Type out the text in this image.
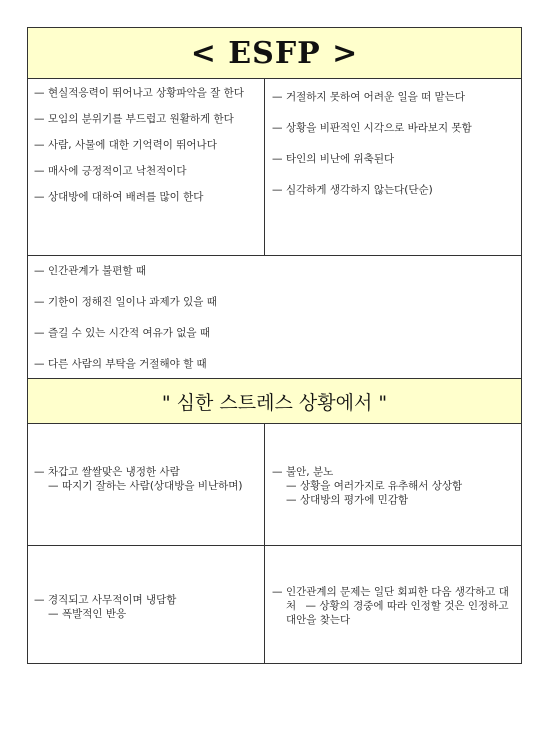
< ESFP >
— 현실적응력이 뛰어나고 상황파악을 잘 한다
— 모임의 분위기를 부드럽고 원활하게 한다
— 사람, 사물에 대한 기억력이 뛰어나다
— 매사에 긍정적이고 낙천적이다
— 상대방에 대하여 배려를 많이 한다
— 거절하지 못하여 어려운 일을 떠 맡는다
— 상황을 비판적인 시각으로 바라보지 못함
— 타인의 비난에 위축된다
— 심각하게 생각하지 않는다(단순)
— 인간관계가 불편할 때
— 기한이 정해진 일이나 과제가 있을 때
— 즐길 수 있는 시간적 여유가 없을 때
— 다른 사람의 부탁을 거절해야 할 때
" 심한 스트레스 상황에서 "
— 차갑고 쌀쌀맞은 냉정한 사람
— 따지기 잘하는 사람(상대방을 비난하며)
— 불안, 분노
— 상황을 여러가지로 유추해서 상상함
— 상대방의 평가에 민감함
— 경직되고 사무적이며 냉담함
— 폭발적인 반응
— 인간관계의 문제는 일단 회피한 다음 생각하고 대처 — 상황의 경중에 따라 인정할 것은 인정하고 대안을 찾는다
